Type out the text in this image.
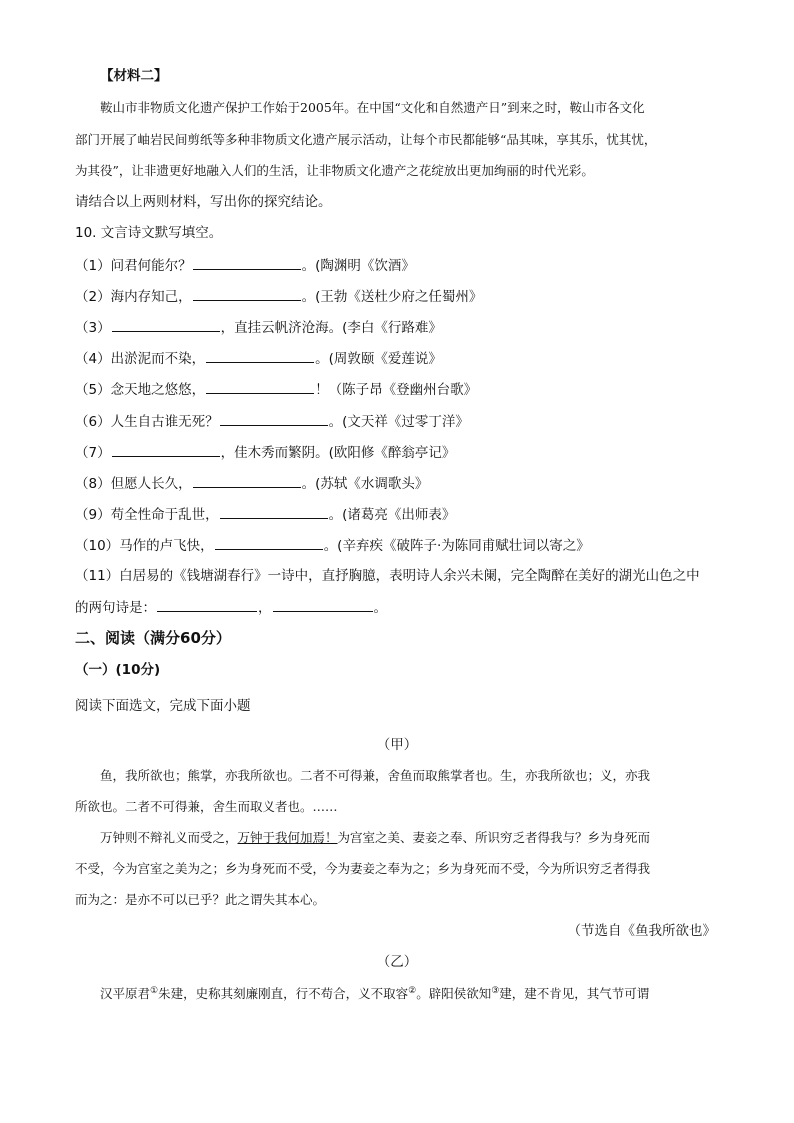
【材料二】
鞍山市非物质文化遗产保护工作始于2005年。在中国“文化和自然遗产日”到来之时，鞍山市各文化
部门开展了岫岩民间剪纸等多种非物质文化遗产展示活动，让每个市民都能够“品其味，享其乐，忧其忧，
为其役”，让非遗更好地融入人们的生活，让非物质文化遗产之花绽放出更加绚丽的时代光彩。
请结合以上两则材料，写出你的探究结论。
10. 文言诗文默写填空。
（1）问君何能尔？	。(陶渊明《饮酒》
（2）海内存知己，	。(王勃《送杜少府之任蜀州》
（3）	，直挂云帆济沧海。(李白《行路难》
（4）出淤泥而不染，	。(周敦颐《爱莲说》
（5）念天地之悠悠，	！（陈子昂《登幽州台歌》
（6）人生自古谁无死？	。(文天祥《过零丁洋》
（7）	，佳木秀而繁阴。(欧阳修《醉翁亭记》
（8）但愿人长久，	。(苏轼《水调歌头》
（9）苟全性命于乱世，	。(诸葛亮《出师表》
（10）马作的卢飞快，	。(辛弃疾《破阵子·为陈同甫赋壮词以寄之》
（11）白居易的《钱塘湖春行》一诗中，直抒胸臆，表明诗人余兴未阑，完全陶醉在美好的湖光山色之中
的两句诗是：	，	。
二、阅读（满分60分）
（一）(10分)
阅读下面选文，完成下面小题
（甲）
鱼，我所欲也；熊掌，亦我所欲也。二者不可得兼，舍鱼而取熊掌者也。生，亦我所欲也；义，亦我
所欲也。二者不可得兼，舍生而取义者也。……
万钟则不辩礼义而受之，万钟于我何加焉！为宫室之美、妻妾之奉、所识穷乏者得我与？乡为身死而
不受，今为宫室之美为之；乡为身死而不受，今为妻妾之奉为之；乡为身死而不受，今为所识穷乏者得我
而为之：是亦不可以已乎？此之谓失其本心。
（节选自《鱼我所欲也》
（乙）
汉平原君①朱建，史称其刻廉刚直，行不苟合，义不取容②。辟阳侯欲知③建，建不肯见，其气节可谓
